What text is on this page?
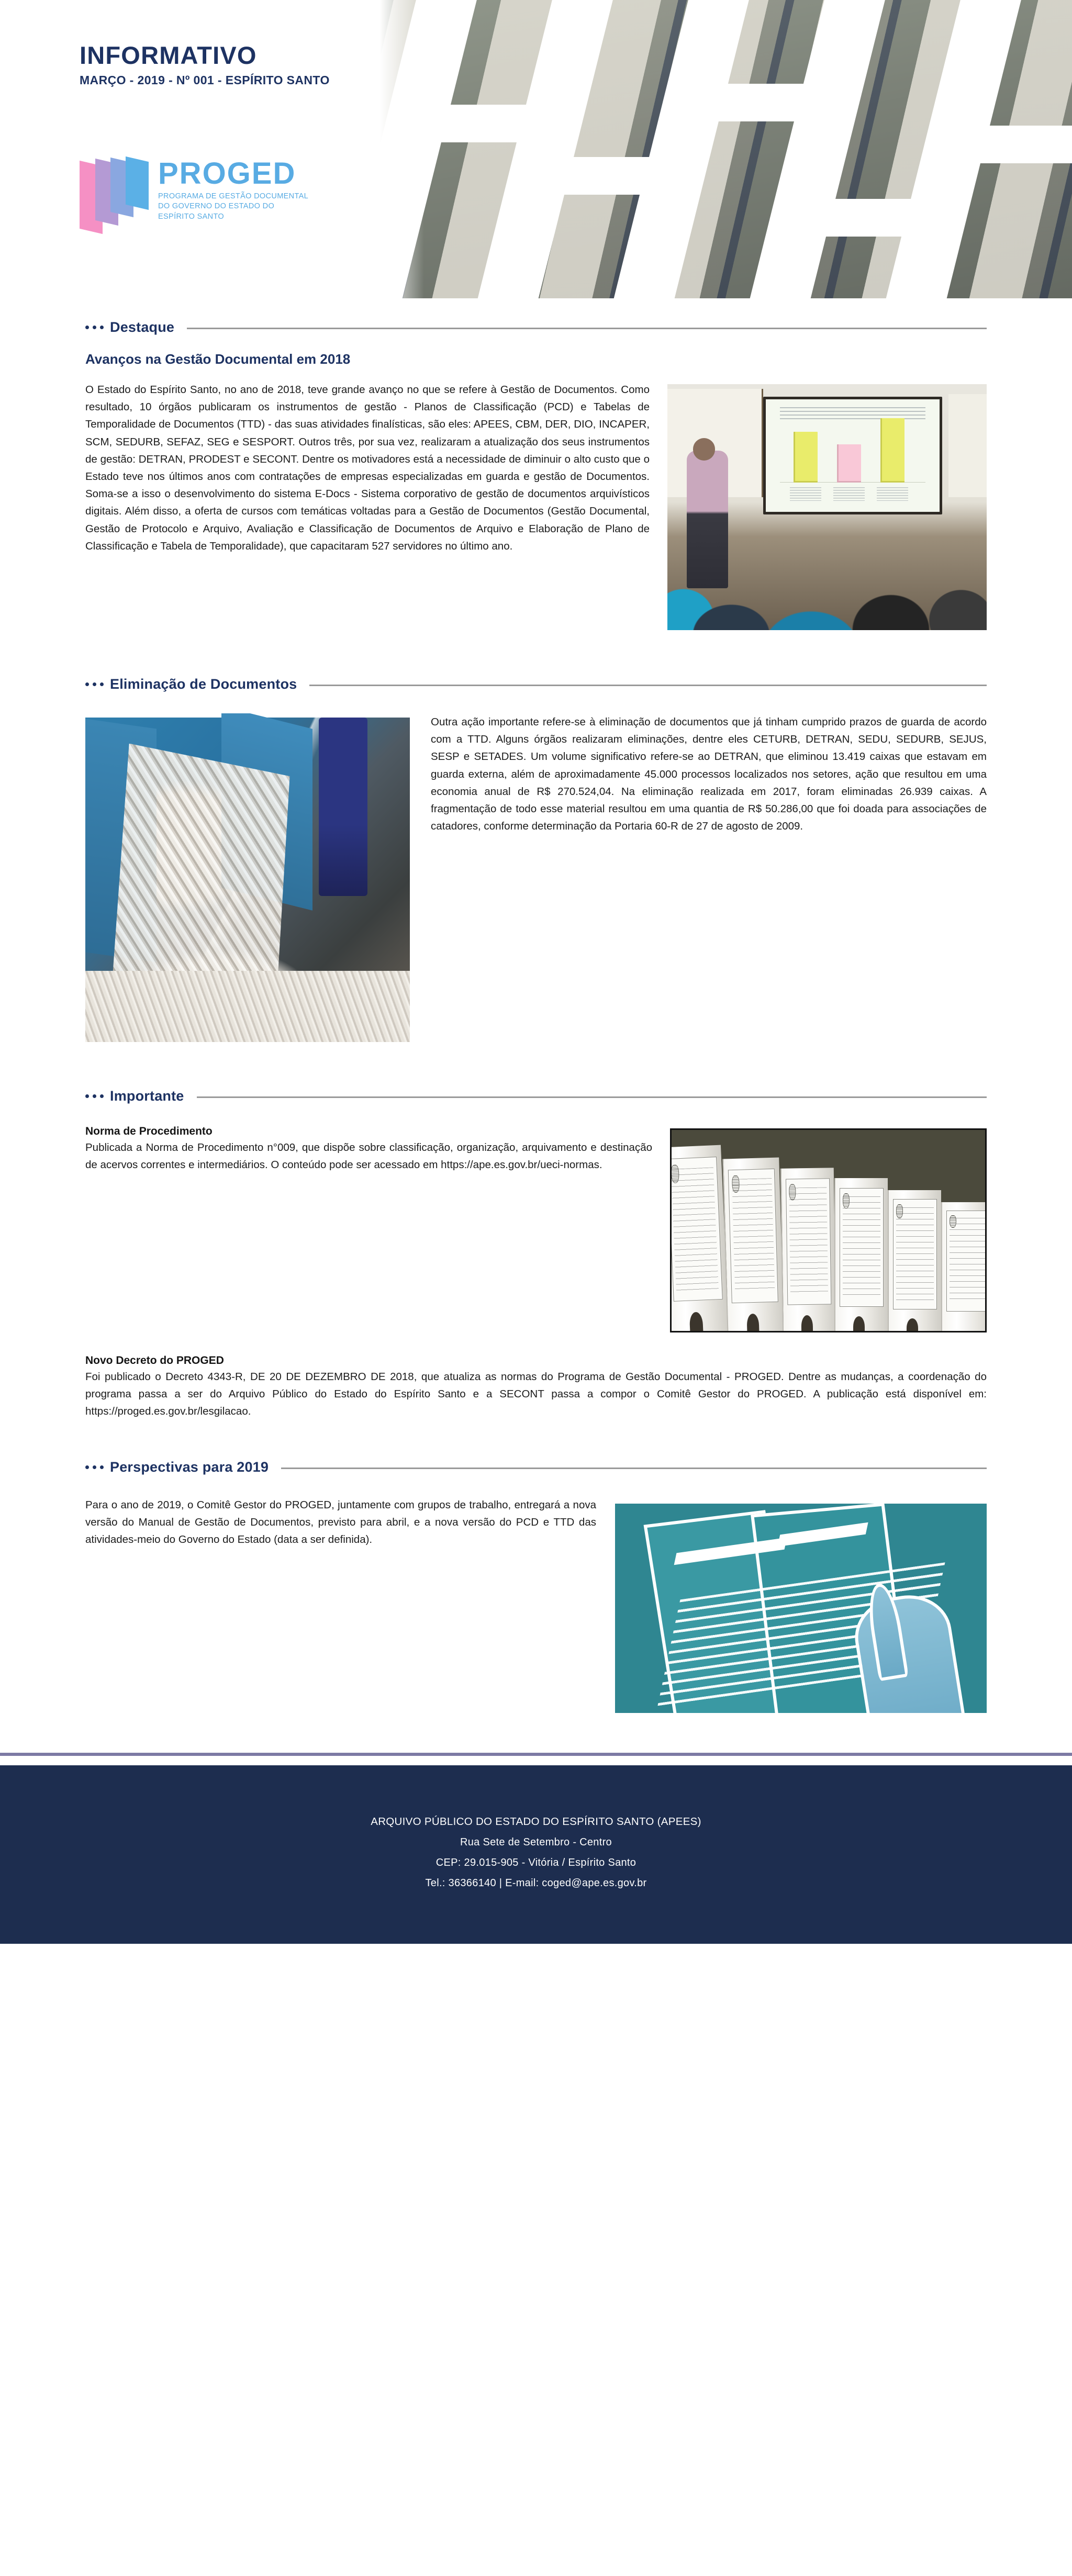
INFORMATIVO
MARÇO - 2019 - Nº 001 - ESPÍRITO SANTO
PROGED
PROGRAMA DE GESTÃO DOCUMENTAL
DO GOVERNO DO ESTADO DO
ESPÍRITO SANTO
Destaque
Avanços na Gestão Documental em 2018

O Estado do Espírito Santo, no ano de 2018, teve grande avanço no que se refere à Gestão de Documentos. Como resultado, 10 órgãos publicaram os instrumentos de gestão - Planos de Classificação (PCD) e Tabelas de Temporalidade de Documentos (TTD) - das suas atividades finalísticas, são eles: APEES, CBM, DER, DIO, INCAPER, SCM, SEDURB, SEFAZ, SEG e SESPORT. Outros três, por sua vez, realizaram a atualização dos seus instrumentos de gestão: DETRAN, PRODEST e SECONT. Dentre os motivadores está a necessidade de diminuir o alto custo que o Estado teve nos últimos anos com contratações de empresas especializadas em guarda e gestão de Documentos. Soma-se a isso o desenvolvimento do sistema E-Docs - Sistema corporativo de gestão de documentos arquivísticos digitais. Além disso, a oferta de cursos com temáticas voltadas para a Gestão de Documentos (Gestão Documental, Gestão de Protocolo e Arquivo, Avaliação e Classificação de Documentos de Arquivo e Elaboração de Plano de Classificação e Tabela de Temporalidade), que capacitaram 527 servidores no último ano.

Eliminação de Documentos

Outra ação importante refere-se à eliminação de documentos que já tinham cumprido prazos de guarda de acordo com a TTD. Alguns órgãos realizaram eliminações, dentre eles CETURB, DETRAN, SEDU, SEDURB, SEJUS, SESP e SETADES. Um volume significativo refere-se ao DETRAN, que eliminou 13.419 caixas que estavam em guarda externa, além de aproximadamente 45.000 processos localizados nos setores, ação que resultou em uma economia anual de R$ 270.524,04. Na eliminação realizada em 2017, foram eliminadas 26.939 caixas. A fragmentação de todo esse material resultou em uma quantia de R$ 50.286,00 que foi doada para associações de catadores, conforme determinação da Portaria 60-R de 27 de agosto de 2009.

Importante
Norma de Procedimento

Publicada a Norma de Procedimento n°009, que dispõe sobre classificação, organização, arquivamento e destinação de acervos correntes e intermediários. O conteúdo pode ser acessado em https://ape.es.gov.br/ueci-normas.

Novo Decreto do PROGED

Foi publicado o Decreto 4343-R, DE 20 DE DEZEMBRO DE 2018, que atualiza as normas do Programa de Gestão Documental - PROGED. Dentre as mudanças, a coordenação do programa passa a ser do Arquivo Público do Estado do Espírito Santo e a SECONT passa a compor o Comitê Gestor do PROGED. A publicação está disponível em: https://proged.es.gov.br/lesgilacao.

Perspectivas para 2019

Para o ano de 2019, o Comitê Gestor do PROGED, juntamente com grupos de trabalho, entregará a nova versão do Manual de Gestão de Documentos, previsto para abril, e a nova versão do PCD e TTD das atividades-meio do Governo do Estado (data a ser definida).

ARQUIVO PÚBLICO DO ESTADO DO ESPÍRITO SANTO (APEES)
Rua Sete de Setembro - Centro
CEP: 29.015-905 - Vitória / Espírito Santo
Tel.: 36366140 | E-mail: coged@ape.es.gov.br
